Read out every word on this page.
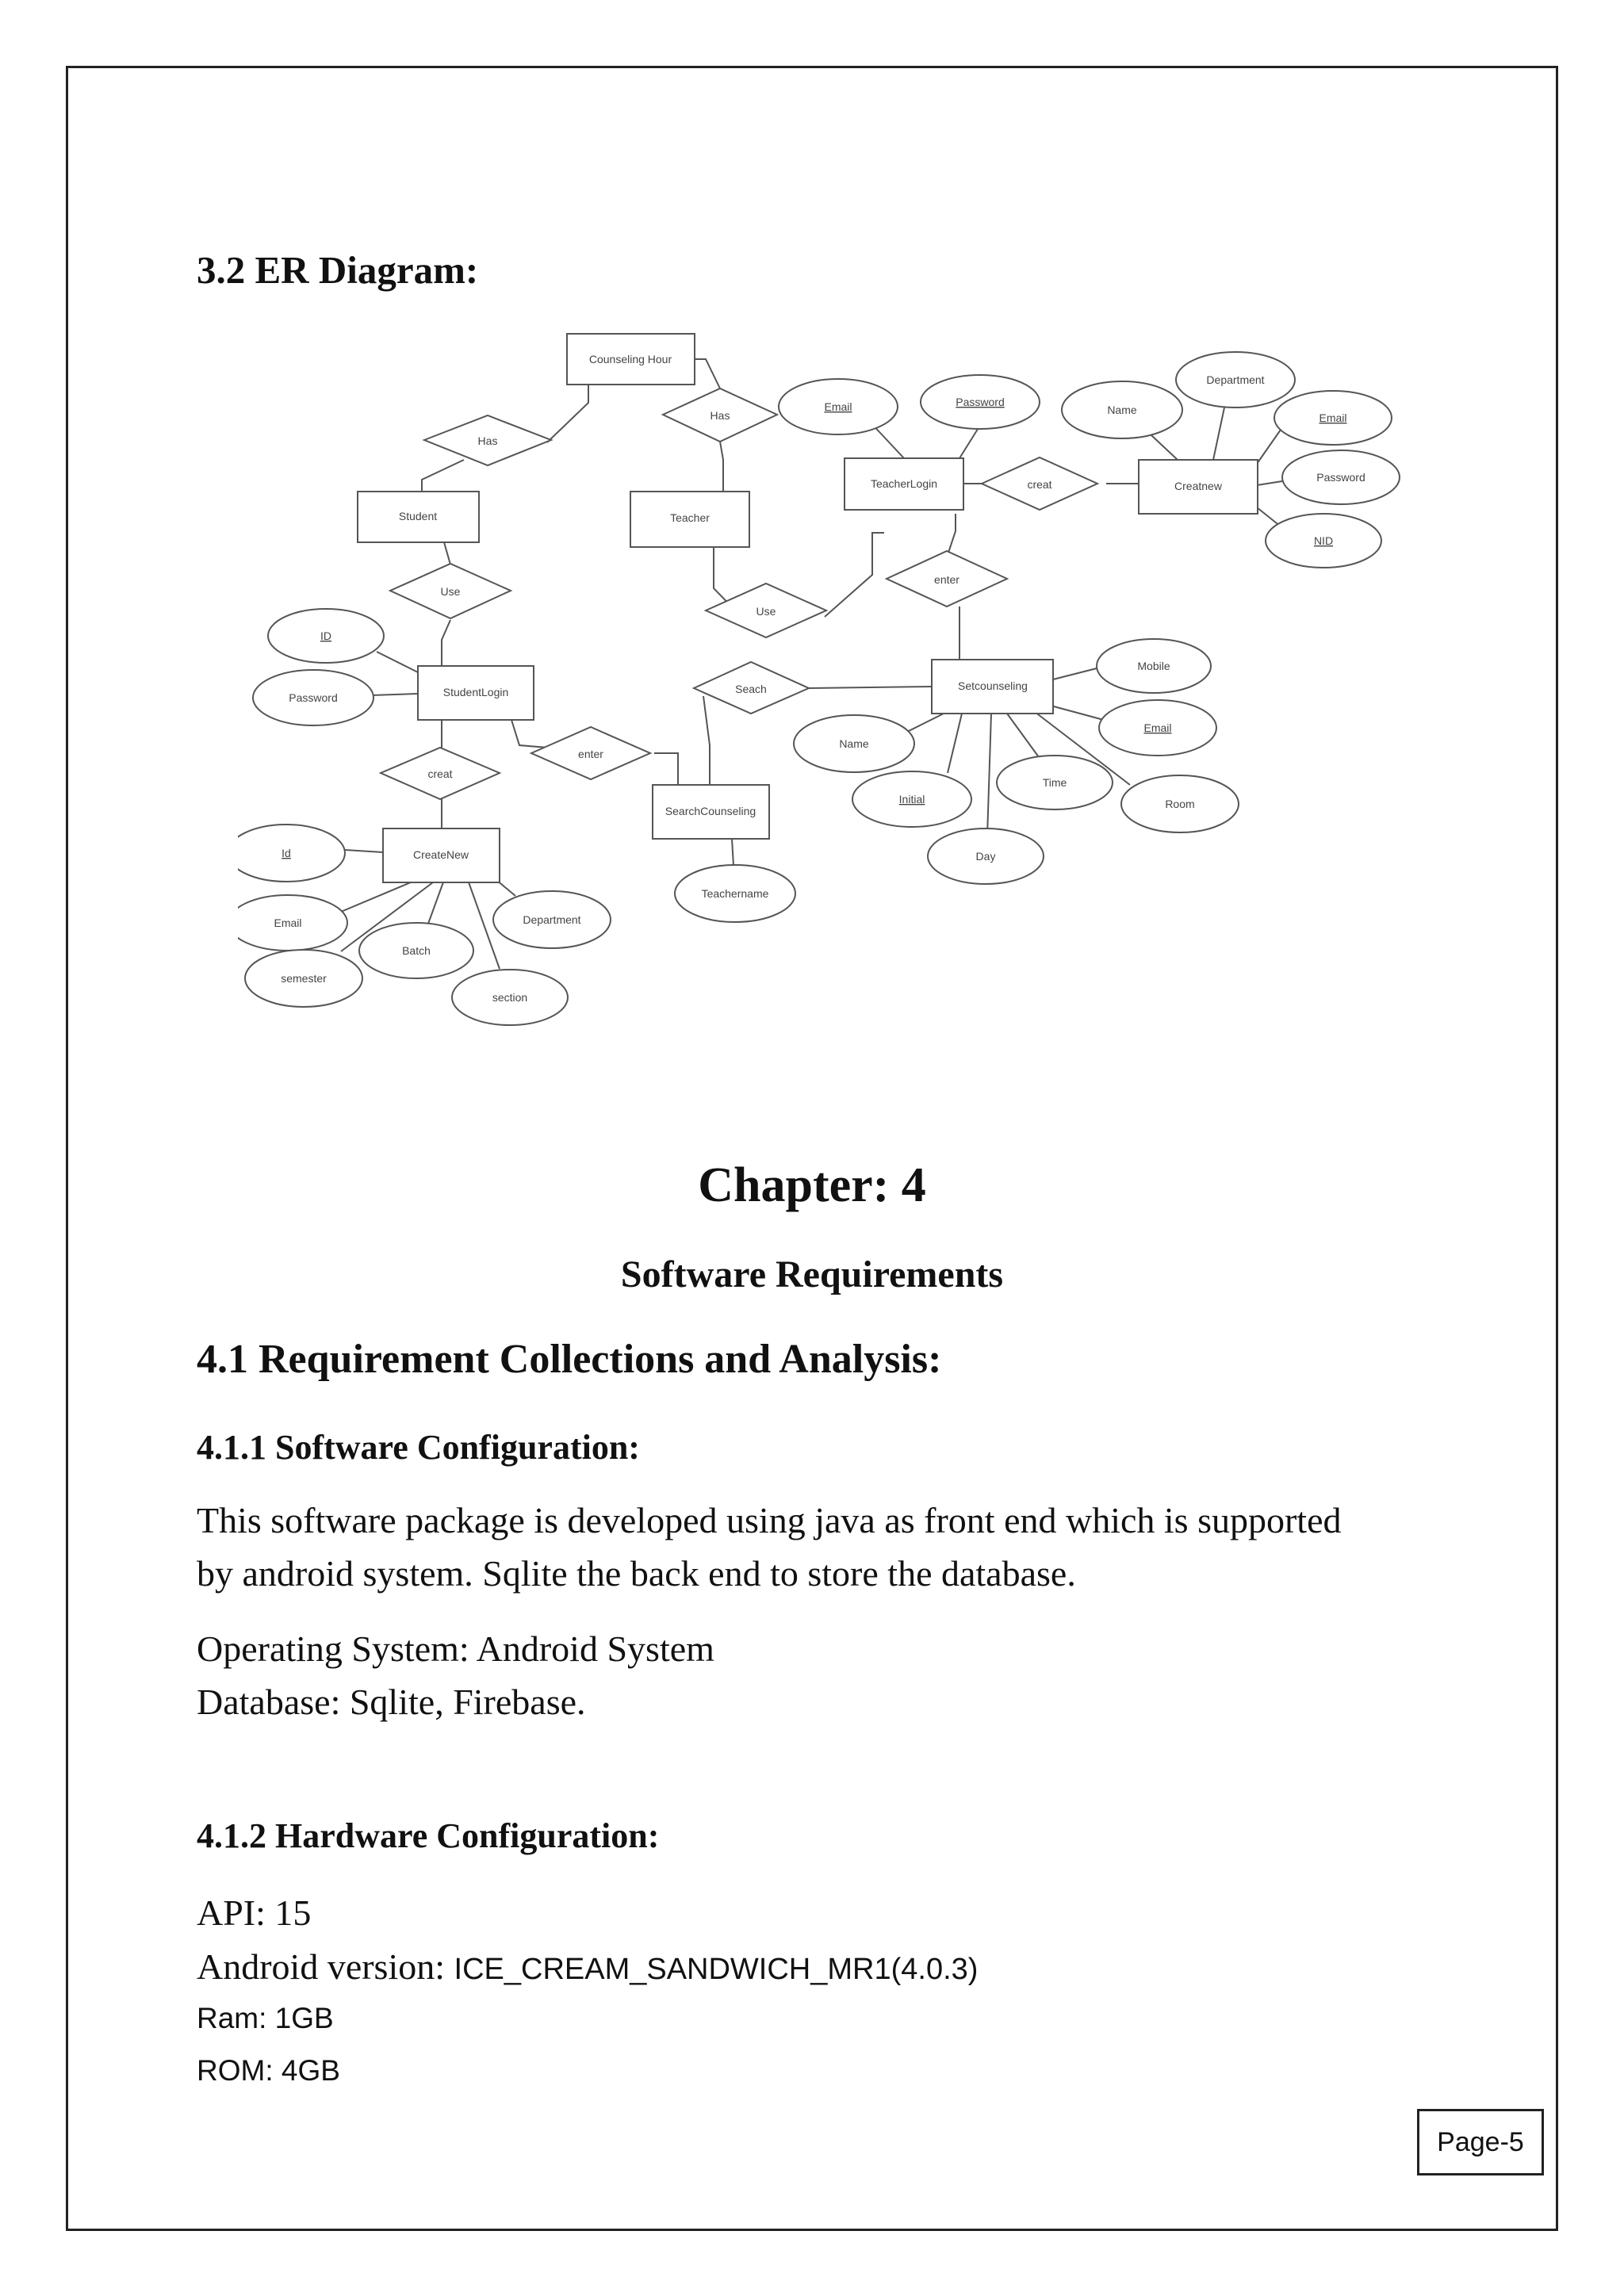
3.2 ER Diagram:
Counseling Hour
Student	Teacher
TeacherLogin	Creatnew
StudentLogin	Setcounseling
SearchCounseling
CreateNew
Has
Has
creat
Use
Use
enter
Seach
creat
enter
Email	Password
Name
Department
Email
Password
NID
ID
Password
Mobile
Email
Name
Initial
Time
Room
Day
Teachername
Id
Email
Batch
Department
semester
section
Chapter: 4
Software Requirements
4.1 Requirement Collections and Analysis:
4.1.1 Software Configuration:
This software package is developed using java as front end which is supported
by android system. Sqlite the back end to store the database.
Operating System: Android System
Database: Sqlite, Firebase.
4.1.2 Hardware Configuration:
API: 15
Android version: ICE_CREAM_SANDWICH_MR1(4.0.3)
Ram: 1GB
ROM: 4GB
Page-5
